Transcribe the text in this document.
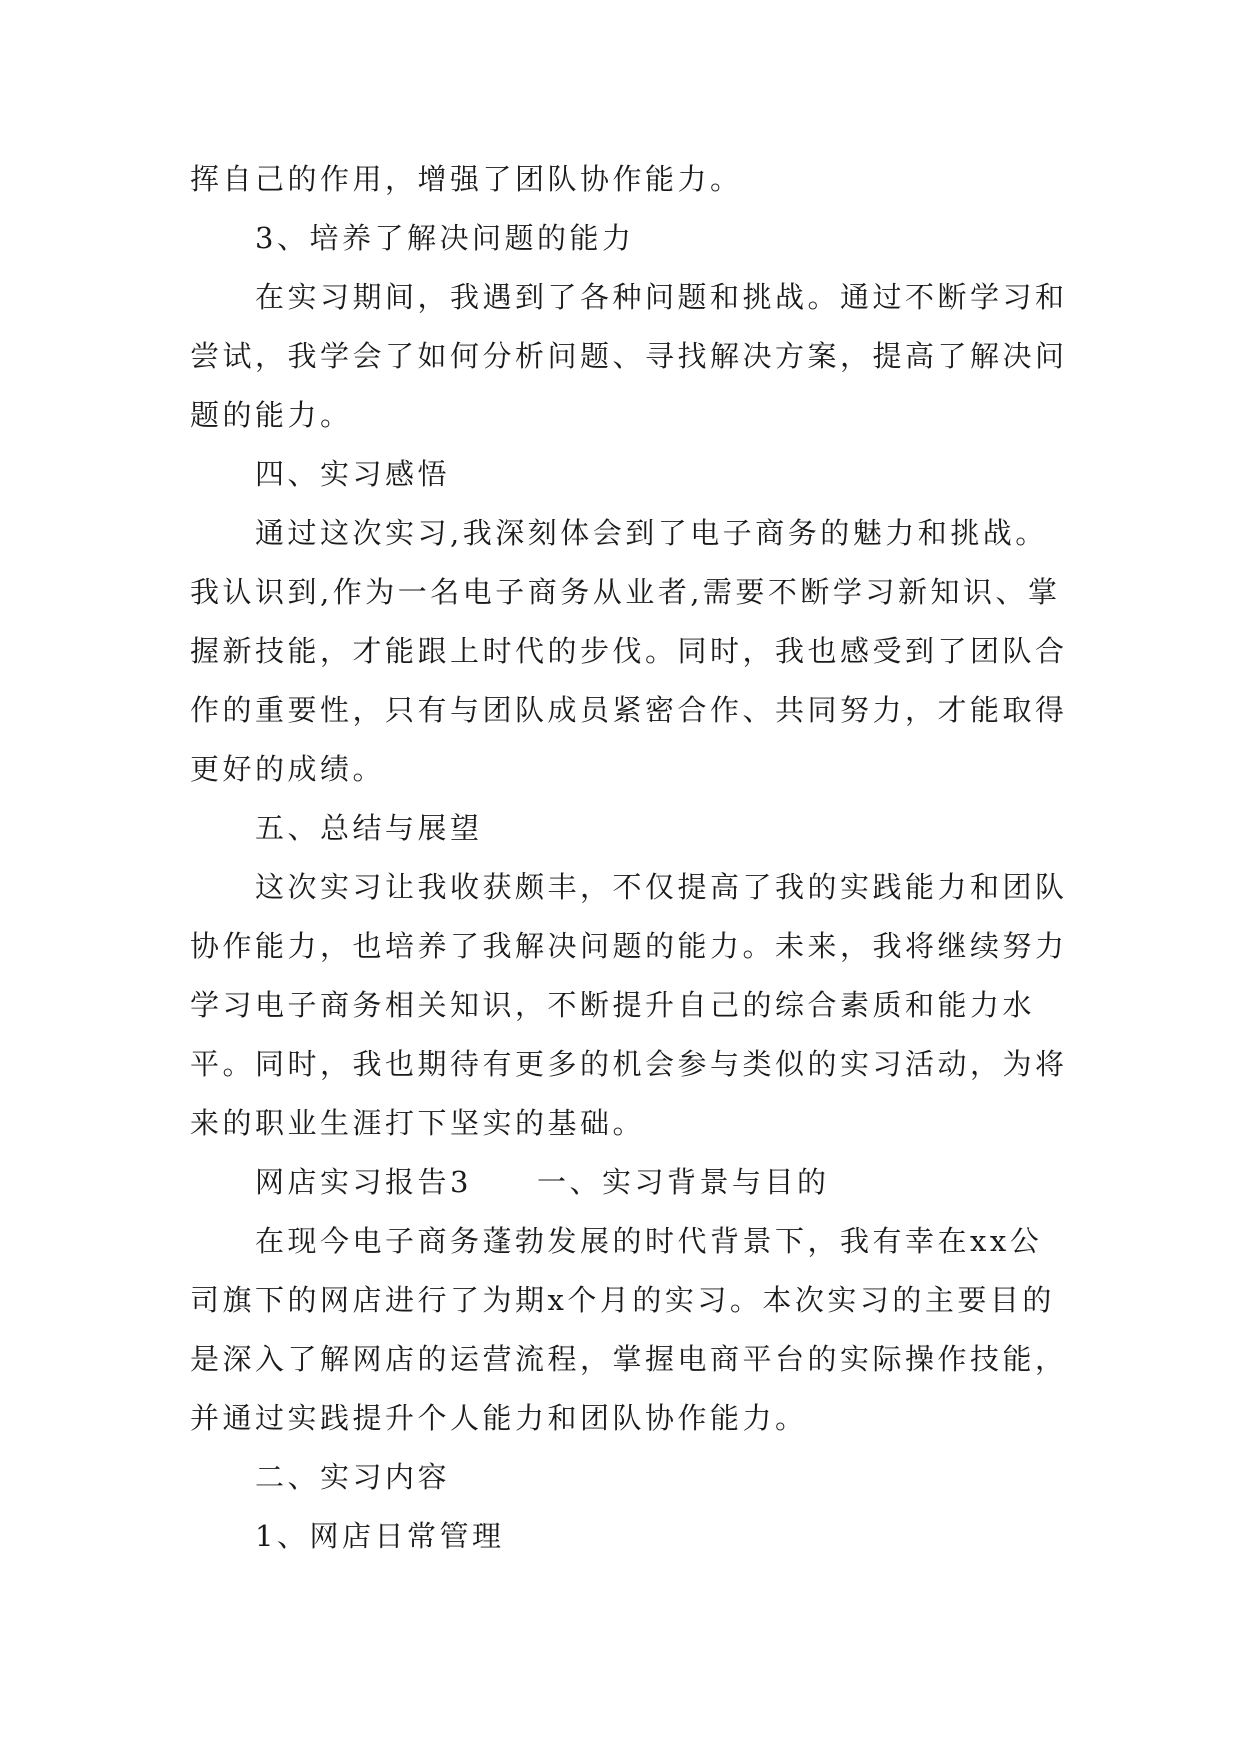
挥自己的作用，增强了团队协作能力。

3、培养了解决问题的能力

在实习期间，我遇到了各种问题和挑战。通过不断学习和尝试，我学会了如何分析问题、寻找解决方案，提高了解决问题的能力。

四、实习感悟

通过这次实习,我深刻体会到了电子商务的魅力和挑战。我认识到,作为一名电子商务从业者,需要不断学习新知识、掌握新技能，才能跟上时代的步伐。同时，我也感受到了团队合作的重要性，只有与团队成员紧密合作、共同努力，才能取得更好的成绩。

五、总结与展望

这次实习让我收获颇丰，不仅提高了我的实践能力和团队协作能力，也培养了我解决问题的能力。未来，我将继续努力学习电子商务相关知识，不断提升自己的综合素质和能力水平。同时，我也期待有更多的机会参与类似的实习活动，为将来的职业生涯打下坚实的基础。

网店实习报告3　　一、实习背景与目的

在现今电子商务蓬勃发展的时代背景下，我有幸在xx公司旗下的网店进行了为期x个月的实习。本次实习的主要目的是深入了解网店的运营流程，掌握电商平台的实际操作技能，并通过实践提升个人能力和团队协作能力。

二、实习内容

1、网店日常管理
